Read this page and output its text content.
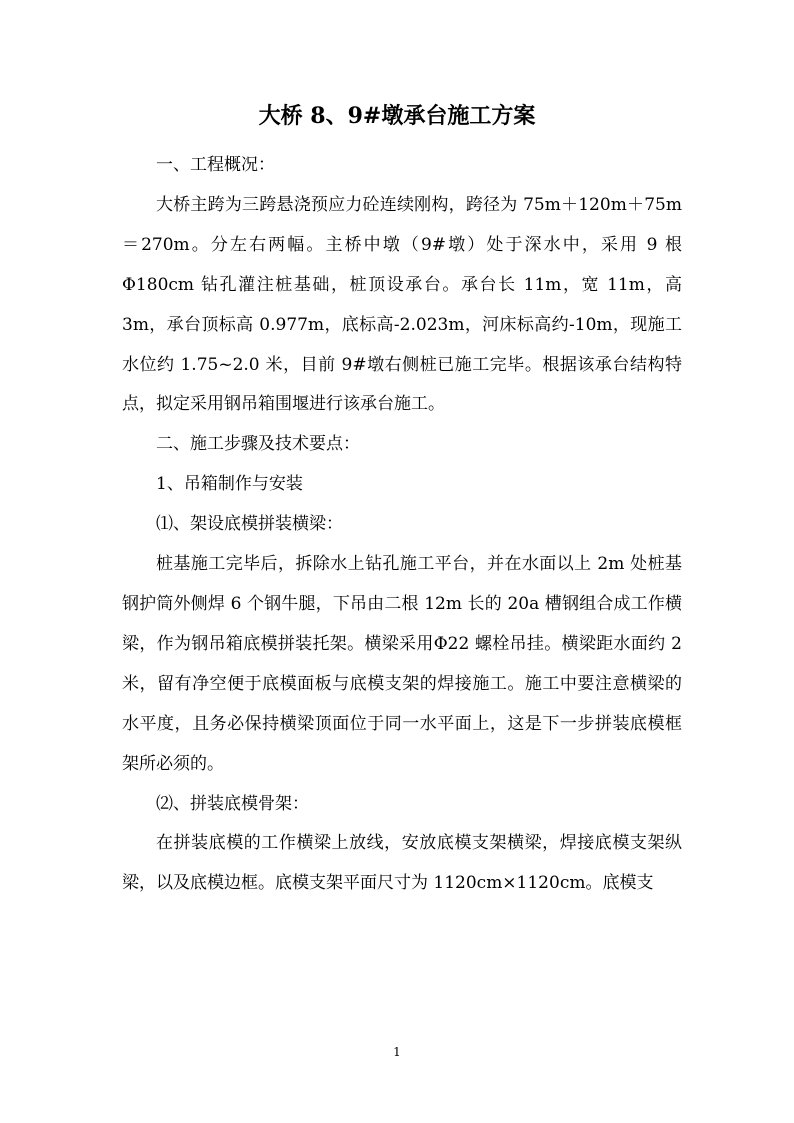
大桥 8、9#墩承台施工方案

一、工程概况：

大桥主跨为三跨悬浇预应力砼连续刚构，跨径为 75m＋120m＋75m ＝270m。分左右两幅。主桥中墩（9#墩）处于深水中，采用 9 根Φ180cm 钻孔灌注桩基础，桩顶设承台。承台长 11m，宽 11m，高 3m，承台顶标高 0.977m，底标高-2.023m，河床标高约-10m，现施工水位约 1.75~2.0 米，目前 9#墩右侧桩已施工完毕。根据该承台结构特点，拟定采用钢吊箱围堰进行该承台施工。

二、施工步骤及技术要点：

1、吊箱制作与安装

⑴、架设底模拼装横梁：

桩基施工完毕后，拆除水上钻孔施工平台，并在水面以上 2m 处桩基钢护筒外侧焊 6 个钢牛腿，下吊由二根 12m 长的 20a 槽钢组合成工作横梁，作为钢吊箱底模拼装托架。横梁采用Φ22 螺栓吊挂。横梁距水面约 2 米，留有净空便于底模面板与底模支架的焊接施工。施工中要注意横梁的水平度，且务必保持横梁顶面位于同一水平面上，这是下一步拼装底模框架所必须的。

⑵、拼装底模骨架：

在拼装底模的工作横梁上放线，安放底模支架横梁，焊接底模支架纵梁，以及底模边框。底模支架平面尺寸为 1120cm×1120cm。底模支

1
